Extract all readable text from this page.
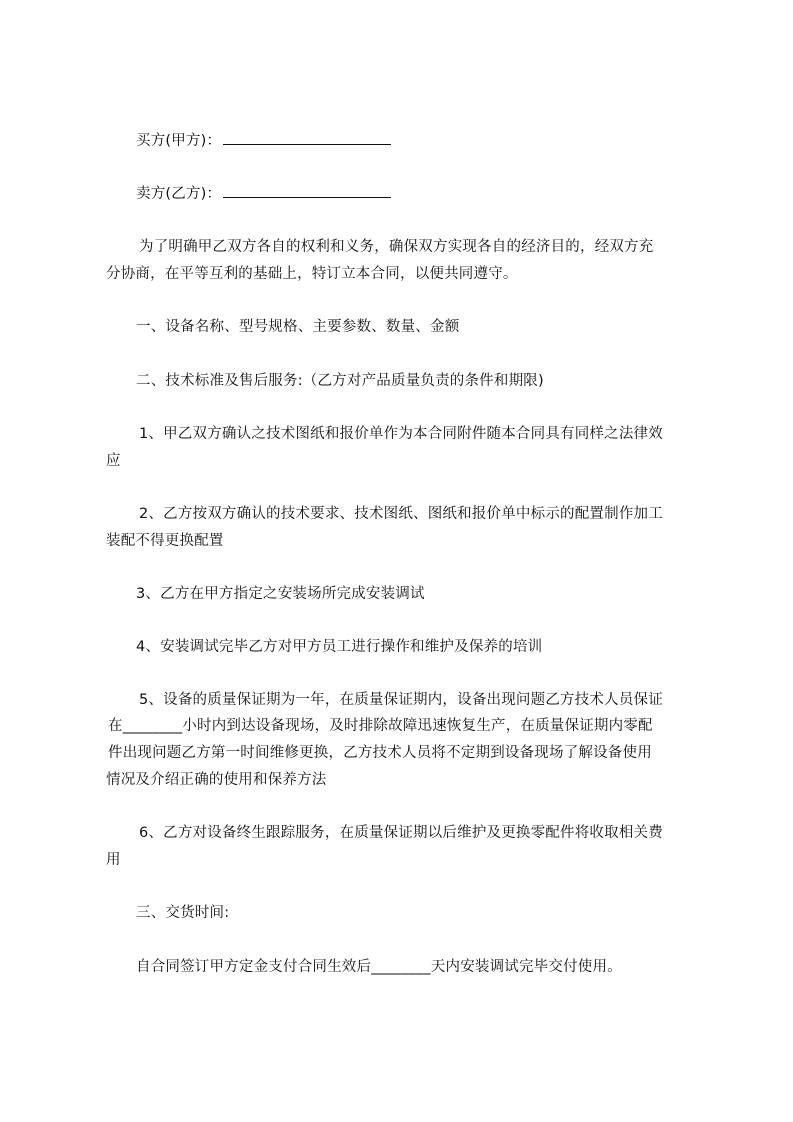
买方(甲方)：
卖方(乙方)：
为了明确甲乙双方各自的权利和义务，确保双方实现各自的经济目的，经双方充
分协商，在平等互利的基础上，特订立本合同，以便共同遵守。
一、设备名称、型号规格、主要参数、数量、金额
二、技术标准及售后服务:（乙方对产品质量负责的条件和期限)
1、甲乙双方确认之技术图纸和报价单作为本合同附件随本合同具有同样之法律效
应
2、乙方按双方确认的技术要求、技术图纸、图纸和报价单中标示的配置制作加工
装配不得更换配置
3、乙方在甲方指定之安装场所完成安装调试
4、安装调试完毕乙方对甲方员工进行操作和维护及保养的培训
5、设备的质量保证期为一年，在质量保证期内，设备出现问题乙方技术人员保证
在________小时内到达设备现场，及时排除故障迅速恢复生产，在质量保证期内零配
件出现问题乙方第一时间维修更换，乙方技术人员将不定期到设备现场了解设备使用
情况及介绍正确的使用和保养方法
6、乙方对设备终生跟踪服务，在质量保证期以后维护及更换零配件将收取相关费
用
三、交货时间:
自合同签订甲方定金支付合同生效后________天内安装调试完毕交付使用。
